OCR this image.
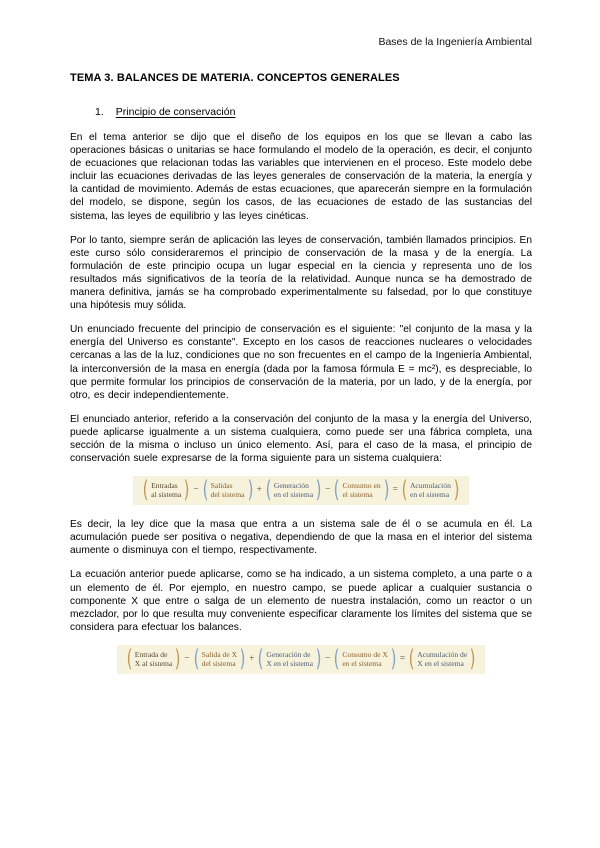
Bases de la Ingeniería Ambiental
TEMA 3. BALANCES DE MATERIA. CONCEPTOS GENERALES
1. Principio de conservación

En el tema anterior se dijo que el diseño de los equipos en los que se llevan a cabo las operaciones básicas o unitarias se hace formulando el modelo de la operación, es decir, el conjunto de ecuaciones que relacionan todas las variables que intervienen en el proceso. Este modelo debe incluir las ecuaciones derivadas de las leyes generales de conservación de la materia, la energía y la cantidad de movimiento. Además de estas ecuaciones, que aparecerán siempre en la formulación del modelo, se dispone, según los casos, de las ecuaciones de estado de las sustancias del sistema, las leyes de equilibrio y las leyes cinéticas.

Por lo tanto, siempre serán de aplicación las leyes de conservación, también llamados principios. En este curso sólo consideraremos el principio de conservación de la masa y de la energía. La formulación de este principio ocupa un lugar especial en la ciencia y representa uno de los resultados más significativos de la teoría de la relatividad. Aunque nunca se ha demostrado de manera definitiva, jamás se ha comprobado experimentalmente su falsedad, por lo que constituye una hipótesis muy sólida.

Un enunciado frecuente del principio de conservación es el siguiente: "el conjunto de la masa y la energía del Universo es constante". Excepto en los casos de reacciones nucleares o velocidades cercanas a las de la luz, condiciones que no son frecuentes en el campo de la Ingeniería Ambiental, la interconversión de la masa en energía (dada por la famosa fórmula E = mc²), es despreciable, lo que permite formular los principios de conservación de la materia, por un lado, y de la energía, por otro, es decir independientemente.

El enunciado anterior, referido a la conservación del conjunto de la masa y la energía del Universo, puede aplicarse igualmente a un sistema cualquiera, como puede ser una fábrica completa, una sección de la misma o incluso un único elemento. Así, para el caso de la masa, el principio de conservación suele expresarse de la forma siguiente para un sistema cualquiera:

( Entradas
al sistema ) − ( Salidas
del sistema ) + ( Generación
en el sistema ) − ( Consumo en
el sistema ) = ( Acumulación
en el sistema )

Es decir, la ley dice que la masa que entra a un sistema sale de él o se acumula en él. La acumulación puede ser positiva o negativa, dependiendo de que la masa en el interior del sistema aumente o disminuya con el tiempo, respectivamente.

La ecuación anterior puede aplicarse, como se ha indicado, a un sistema completo, a una parte o a un elemento de él. Por ejemplo, en nuestro campo, se puede aplicar a cualquier sustancia o componente X que entre o salga de un elemento de nuestra instalación, como un reactor o un mezclador, por lo que resulta muy conveniente especificar claramente los límites del sistema que se considera para efectuar los balances.

( Entrada de
X al sistema ) − ( Salida de X
del sistema ) + ( Generación de
X en el sistema ) − ( Consumo de X
en el sistema ) = ( Acumulación de
X en el sistema )
